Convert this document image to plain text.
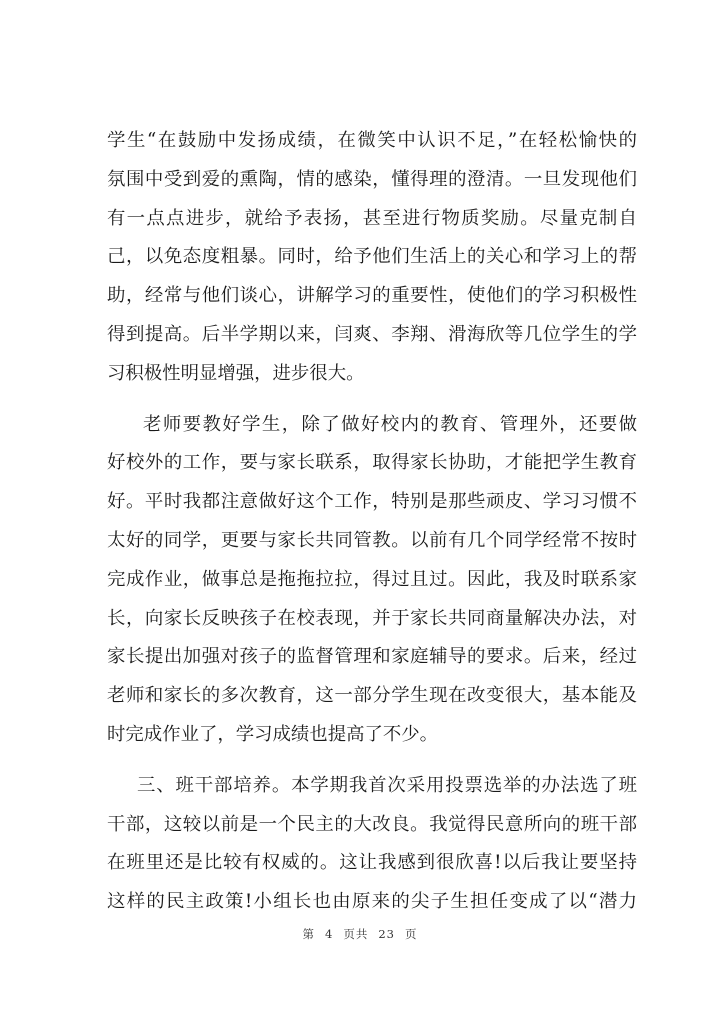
学生“在鼓励中发扬成绩，在微笑中认识不足，”在轻松愉快的
氛围中受到爱的熏陶，情的感染，懂得理的澄清。一旦发现他们
有一点点进步，就给予表扬，甚至进行物质奖励。尽量克制自
己，以免态度粗暴。同时，给予他们生活上的关心和学习上的帮
助，经常与他们谈心，讲解学习的重要性，使他们的学习积极性
得到提高。后半学期以来，闫爽、李翔、滑海欣等几位学生的学
习积极性明显增强，进步很大。
老师要教好学生，除了做好校内的教育、管理外，还要做
好校外的工作，要与家长联系，取得家长协助，才能把学生教育
好。平时我都注意做好这个工作，特别是那些顽皮、学习习惯不
太好的同学，更要与家长共同管教。以前有几个同学经常不按时
完成作业，做事总是拖拖拉拉，得过且过。因此，我及时联系家
长，向家长反映孩子在校表现，并于家长共同商量解决办法，对
家长提出加强对孩子的监督管理和家庭辅导的要求。后来，经过
老师和家长的多次教育，这一部分学生现在改变很大，基本能及
时完成作业了，学习成绩也提高了不少。
三、班干部培养。本学期我首次采用投票选举的办法选了班
干部，这较以前是一个民主的大改良。我觉得民意所向的班干部
在班里还是比较有权威的。这让我感到很欣喜!以后我让要坚持
这样的民主政策!小组长也由原来的尖子生担任变成了以“潜力
第 4 页共 23 页
